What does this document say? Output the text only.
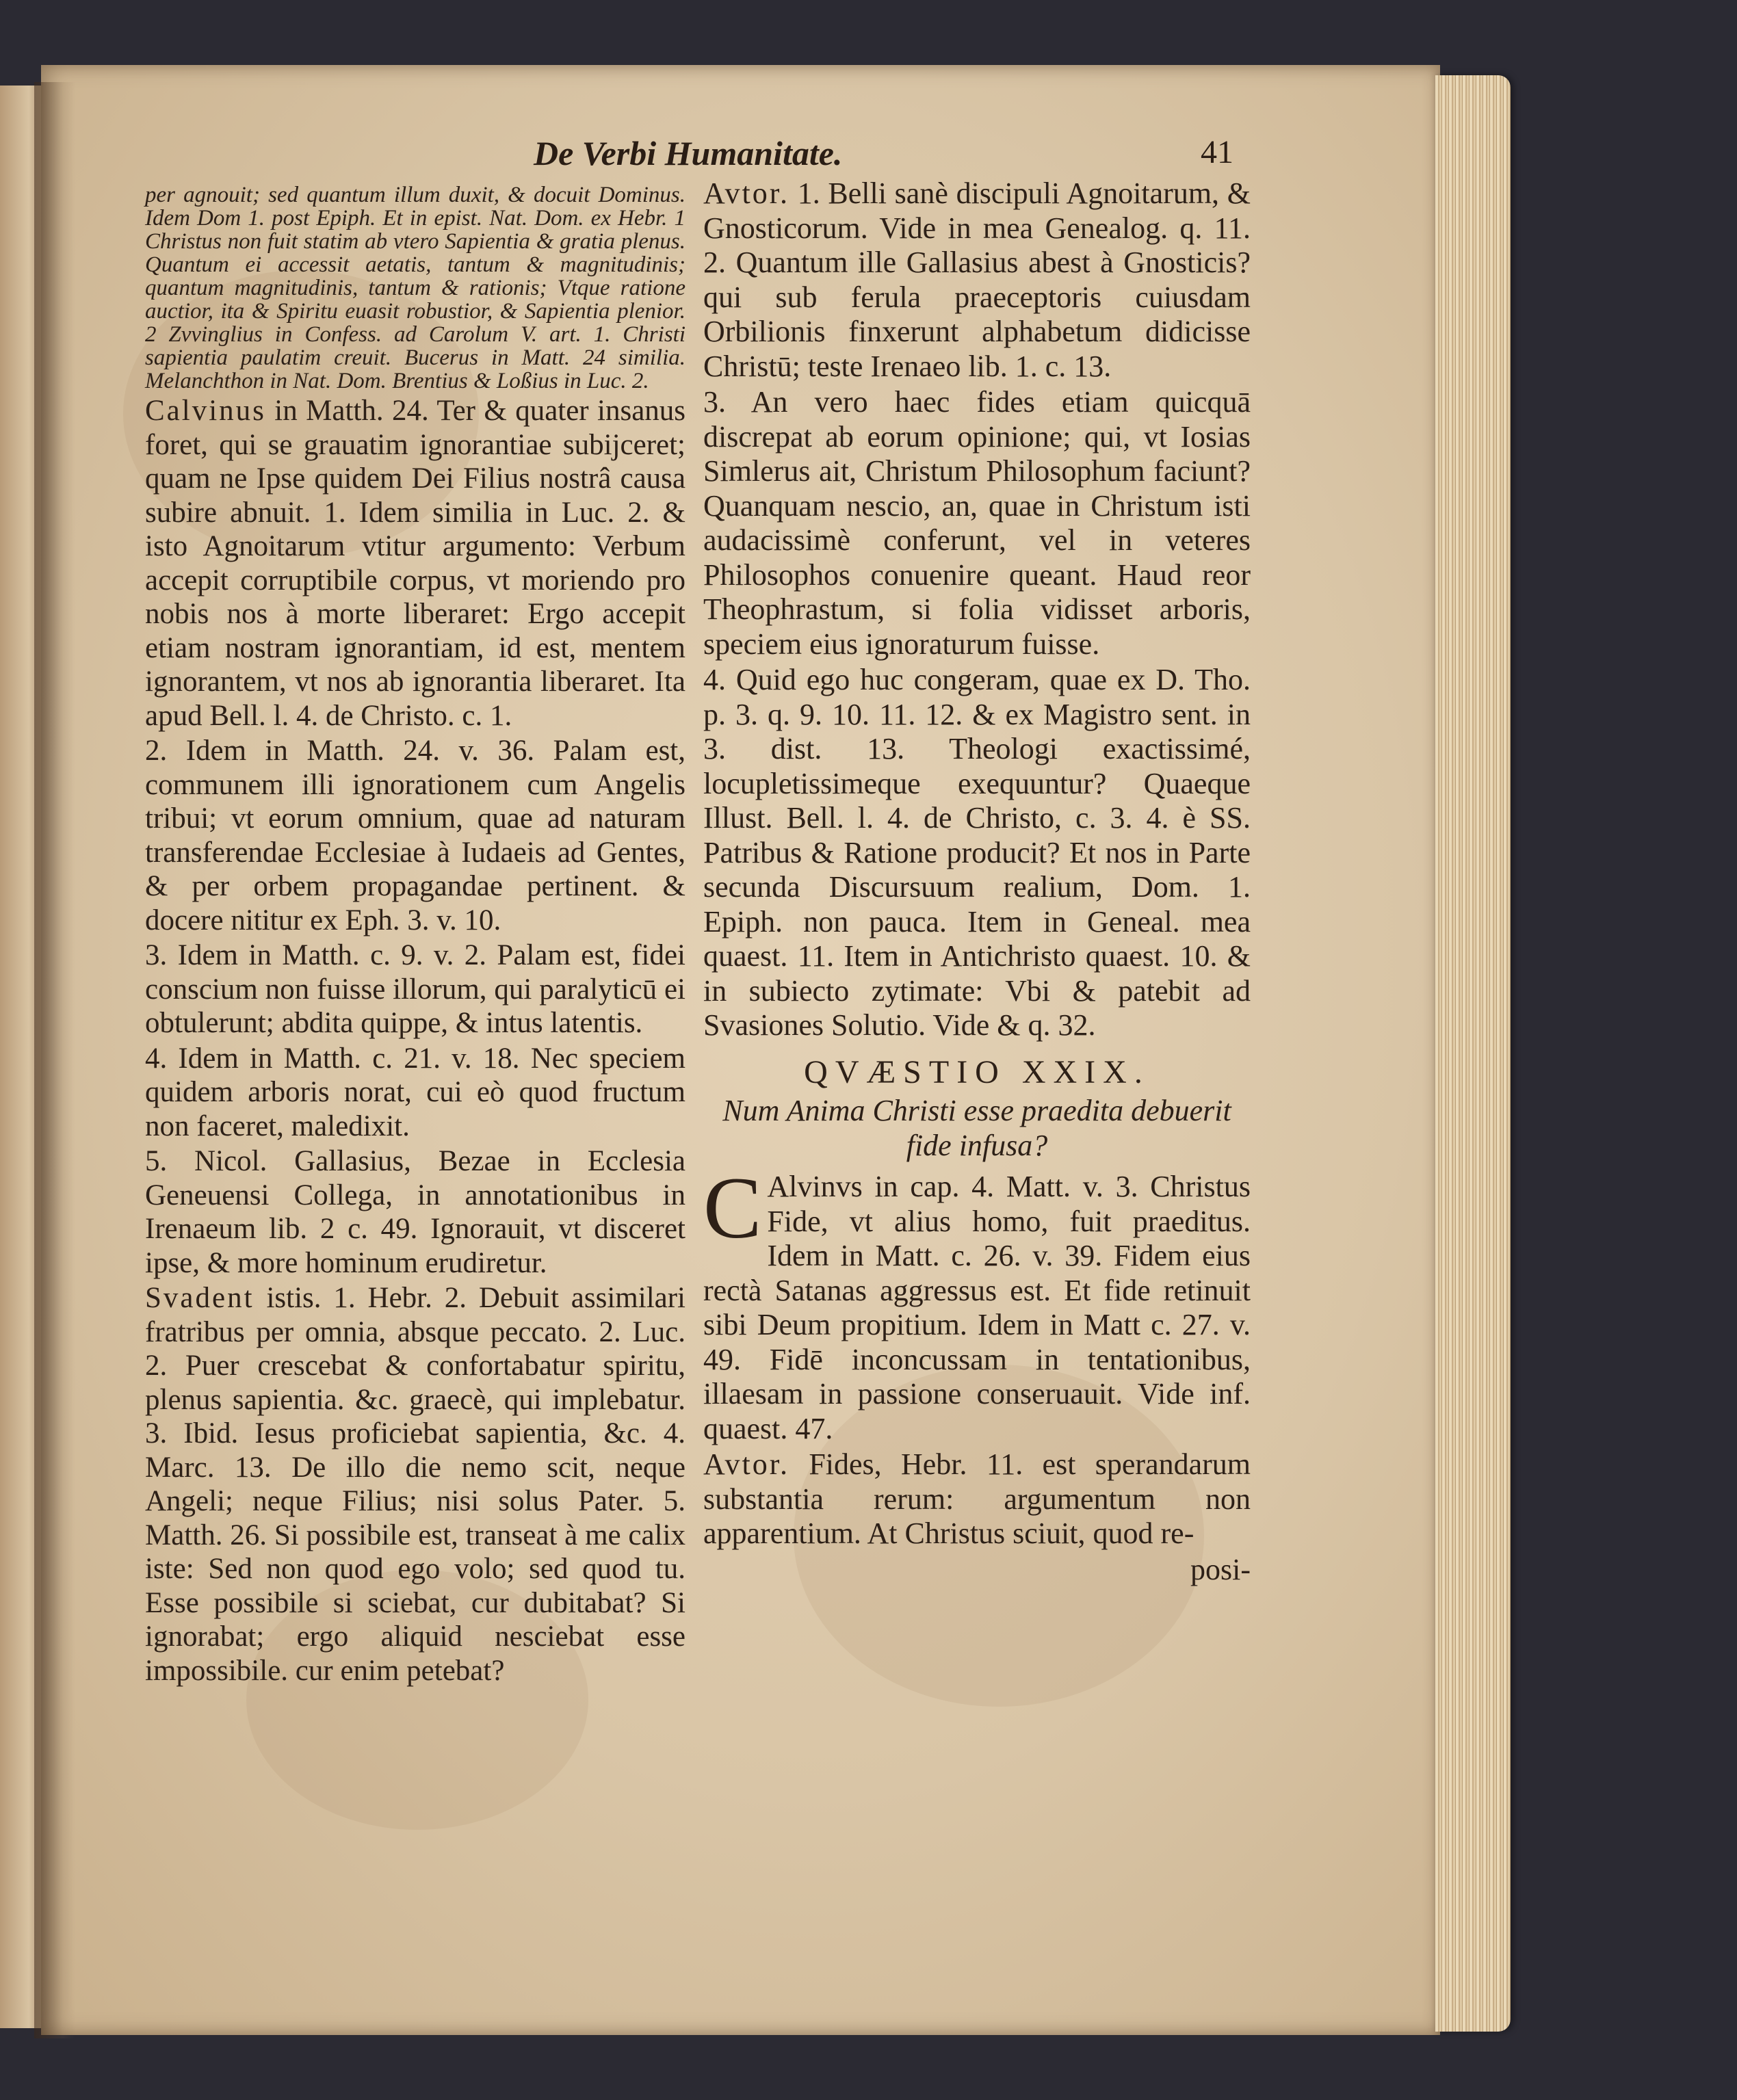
De Verbi Humanitate.	41

per agnouit; sed quantum illum duxit, & docuit Dominus. Idem Dom 1. post Epiph. Et in epist. Nat. Dom. ex Hebr. 1 Christus non fuit statim ab vtero Sapientia & gratia plenus. Quantum ei accessit aetatis, tantum & magnitudinis; quantum magnitudinis, tantum & rationis; Vtque ratione auctior, ita & Spiritu euasit robustior, & Sapientia plenior. 2 Zvvinglius in Confess. ad Carolum V. art. 1. Christi sapientia paulatim creuit. Bucerus in Matt. 24 similia. Melanchthon in Nat. Dom. Brentius & Loßius in Luc. 2.

Calvinus in Matth. 24. Ter & quater insanus foret, qui se grauatim ignorantiae subijceret; quam ne Ipse quidem Dei Filius nostrâ causa subire abnuit. 1. Idem similia in Luc. 2. & isto Agnoitarum vtitur argumento: Verbum accepit corruptibile corpus, vt moriendo pro nobis nos à morte liberaret: Ergo accepit etiam nostram ignorantiam, id est, mentem ignorantem, vt nos ab ignorantia liberaret. Ita apud Bell. l. 4. de Christo. c. 1.

2. Idem in Matth. 24. v. 36. Palam est, communem illi ignorationem cum Angelis tribui; vt eorum omnium, quae ad naturam transferendae Ecclesiae à Iudaeis ad Gentes, & per orbem propagandae pertinent. & docere nititur ex Eph. 3. v. 10.

3. Idem in Matth. c. 9. v. 2. Palam est, fidei conscium non fuisse illorum, qui paralyticū ei obtulerunt; abdita quippe, & intus latentis.

4. Idem in Matth. c. 21. v. 18. Nec speciem quidem arboris norat, cui eò quod fructum non faceret, maledixit.

5. Nicol. Gallasius, Bezae in Ecclesia Geneuensi Collega, in annotationibus in Irenaeum lib. 2 c. 49. Ignorauit, vt disceret ipse, & more hominum erudiretur.

Svadent istis. 1. Hebr. 2. Debuit assimilari fratribus per omnia, absque peccato. 2. Luc. 2. Puer crescebat & confortabatur spiritu, plenus sapientia. &c. graecè, qui implebatur. 3. Ibid. Iesus proficiebat sapientia, &c. 4. Marc. 13. De illo die nemo scit, neque Angeli; neque Filius; nisi solus Pater. 5. Matth. 26. Si possibile est, transeat à me calix iste: Sed non quod ego volo; sed quod tu. Esse possibile si sciebat, cur dubitabat? Si ignorabat; ergo aliquid nesciebat esse impossibile. cur enim petebat?

Avtor. 1. Belli sanè discipuli Agnoitarum, & Gnosticorum. Vide in mea Genealog. q. 11. 2. Quantum ille Gallasius abest à Gnosticis? qui sub ferula praeceptoris cuiusdam Orbilionis finxerunt alphabetum didicisse Christū; teste Irenaeo lib. 1. c. 13.

3. An vero haec fides etiam quicquā discrepat ab eorum opinione; qui, vt Iosias Simlerus ait, Christum Philosophum faciunt? Quanquam nescio, an, quae in Christum isti audacissimè conferunt, vel in veteres Philosophos conuenire queant. Haud reor Theophrastum, si folia vidisset arboris, speciem eius ignoraturum fuisse.

4. Quid ego huc congeram, quae ex D. Tho. p. 3. q. 9. 10. 11. 12. & ex Magistro sent. in 3. dist. 13. Theologi exactissimé, locupletissimeque exequuntur? Quaeque Illust. Bell. l. 4. de Christo, c. 3. 4. è SS. Patribus & Ratione producit? Et nos in Parte secunda Discursuum realium, Dom. 1. Epiph. non pauca. Item in Geneal. mea quaest. 11. Item in Antichristo quaest. 10. & in subiecto zytimate: Vbi & patebit ad Svasiones Solutio. Vide & q. 32.

QVÆSTIO XXIX.

Num Anima Christi esse praedita debuerit fide infusa?

C Alvinvs in cap. 4. Matt. v. 3. Christus Fide, vt alius homo, fuit praeditus. Idem in Matt. c. 26. v. 39. Fidem eius rectà Satanas aggressus est. Et fide retinuit sibi Deum propitium. Idem in Matt c. 27. v. 49. Fidē inconcussam in tentationibus, illaesam in passione conseruauit. Vide inf. quaest. 47.

Avtor. Fides, Hebr. 11. est sperandarum substantia rerum: argumentum non apparentium. At Christus sciuit, quod re-

posi-
